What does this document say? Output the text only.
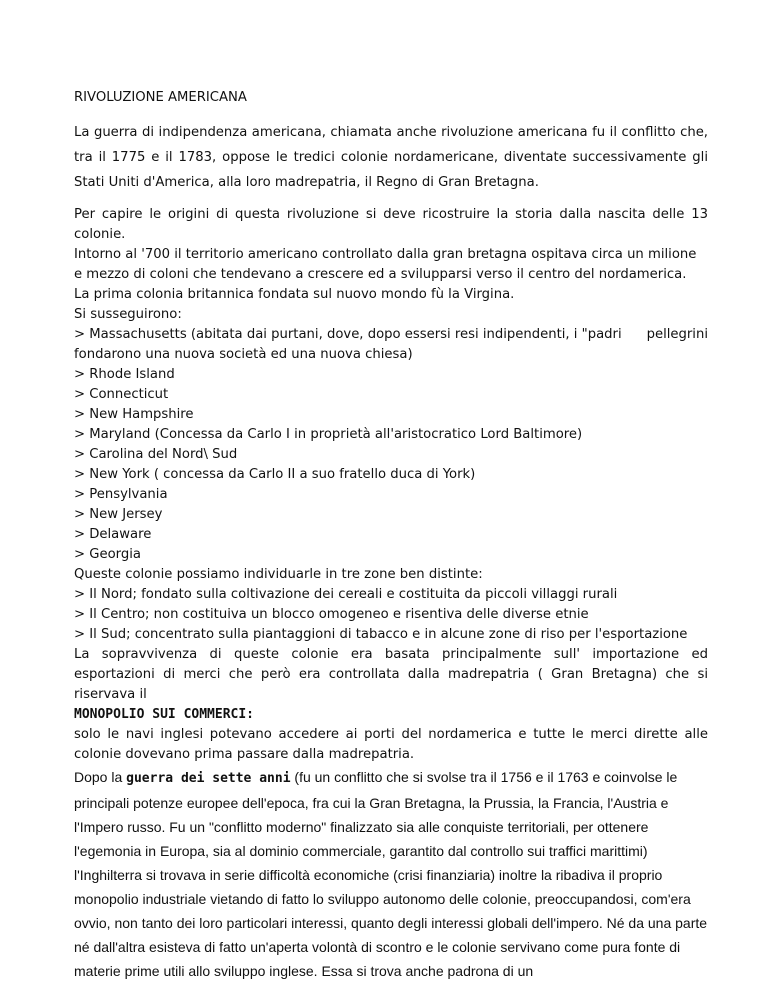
RIVOLUZIONE AMERICANA

La guerra di indipendenza americana, chiamata anche rivoluzione americana fu il conflitto che, tra il 1775 e il 1783, oppose le tredici colonie nordamericane, diventate successivamente gli Stati Uniti d'America, alla loro madrepatria, il Regno di Gran Bretagna.

Per capire le origini di questa rivoluzione si deve ricostruire la storia dalla nascita delle 13 colonie.

Intorno al '700 il territorio americano controllato dalla gran bretagna ospitava circa un milione e mezzo di coloni che tendevano a crescere ed a svilupparsi verso il centro del nordamerica.

La prima colonia britannica fondata sul nuovo mondo fù la Virgina.

Si susseguirono:

> Massachusetts (abitata dai purtani, dove, dopo essersi resi indipendenti, i "padri pellegrini
fondarono una nuova società ed una nuova chiesa)

> Rhode Island

> Connecticut

> New Hampshire

> Maryland (Concessa da Carlo I in proprietà all'aristocratico Lord Baltimore)

> Carolina del Nord\ Sud

> New York ( concessa da Carlo II a suo fratello duca di York)

> Pensylvania

> New Jersey

> Delaware

> Georgia

Queste colonie possiamo individuarle in tre zone ben distinte:

> Il Nord; fondato sulla coltivazione dei cereali e costituita da piccoli villaggi rurali

> Il Centro; non costituiva un blocco omogeneo e risentiva delle diverse etnie

> Il Sud; concentrato sulla piantaggioni di tabacco e in alcune zone di riso per l'esportazione

La sopravvivenza di queste colonie era basata principalmente sull' importazione ed esportazioni di merci che però era controllata dalla madrepatria ( Gran Bretagna) che si riservava il

MONOPOLIO SUI COMMERCI:

solo le navi inglesi potevano accedere ai porti del nordamerica e tutte le merci dirette alle colonie dovevano prima passare dalla madrepatria.

Dopo la guerra dei sette anni (fu un conflitto che si svolse tra il 1756 e il 1763 e coinvolse le principali potenze europee dell'epoca, fra cui la Gran Bretagna, la Prussia, la Francia, l'Austria e l'Impero russo. Fu un "conflitto moderno" finalizzato sia alle conquiste territoriali, per ottenere l'egemonia in Europa, sia al dominio commerciale, garantito dal controllo sui traffici marittimi) l'Inghilterra si trovava in serie difficoltà economiche (crisi finanziaria) inoltre la ribadiva il proprio monopolio industriale vietando di fatto lo sviluppo autonomo delle colonie, preoccupandosi, com'era ovvio, non tanto dei loro particolari interessi, quanto degli interessi globali dell'impero. Né da una parte né dall'altra esisteva di fatto un'aperta volontà di scontro e le colonie servivano come pura fonte di materie prime utili allo sviluppo inglese. Essa si trova anche padrona di un
